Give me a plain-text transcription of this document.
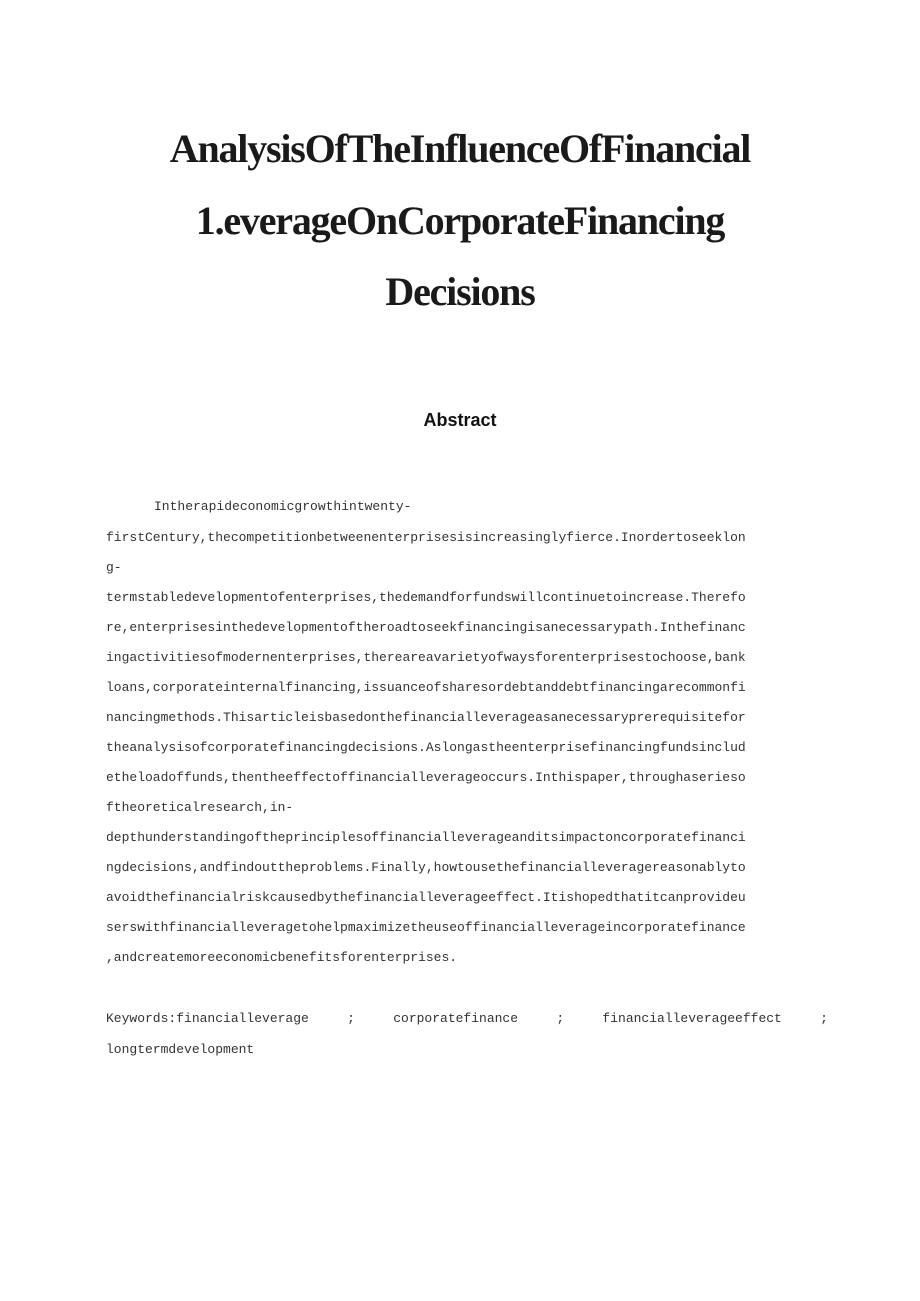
AnalysisOfTheInfluenceOfFinancial
1.everageOnCorporateFinancing
Decisions
Abstract
Intherapideconomicgrowthintwenty-
firstCentury,thecompetitionbetweenenterprisesisincreasinglyfierce.Inordertoseeklon
g-
termstabledevelopmentofenterprises,thedemandforfundswillcontinuetoincrease.Therefo
re,enterprisesinthedevelopmentoftheroadtoseekfinancingisanecessarypath.Inthefinanc
ingactivitiesofmodernenterprises,thereareavarietyofwaysforenterprisestochoose,bank
loans,corporateinternalfinancing,issuanceofsharesordebtanddebtfinancingarecommonfi
nancingmethods.Thisarticleisbasedonthefinancialleverageasanecessaryprerequisitefor
theanalysisofcorporatefinancingdecisions.Aslongastheenterprisefinancingfundsinclud
etheloadoffunds,thentheeffectoffinancialleverageoccurs.Inthispaper,throughaserieso
ftheoreticalresearch,in-
depthunderstandingoftheprinciplesoffinancialleverageanditsimpactoncorporatefinanci
ngdecisions,andfindouttheproblems.Finally,howtousethefinancialleveragereasonablyto
avoidthefinancialriskcausedbythefinancialleverageeffect.Itishopedthatitcanprovideu
serswithfinancialleveragetohelpmaximizetheuseoffinancialleverageincorporatefinance
,andcreatemoreeconomicbenefitsforenterprises.
Keywords:financialleverage	;	corporatefinance	;	financialleverageeffect	;
longtermdevelopment
